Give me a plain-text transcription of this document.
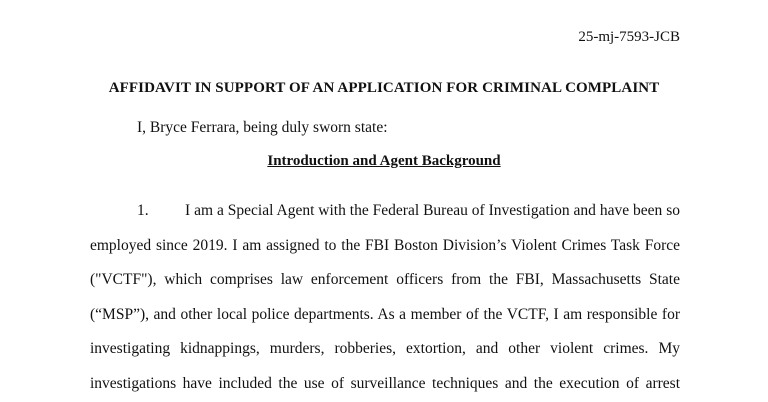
25-mj-7593-JCB
AFFIDAVIT IN SUPPORT OF AN APPLICATION FOR CRIMINAL COMPLAINT
I, Bryce Ferrara, being duly sworn state:
Introduction and Agent Background
1. I am a Special Agent with the Federal Bureau of Investigation and have been so
employed since 2019. I am assigned to the FBI Boston Division’s Violent Crimes Task Force
("VCTF"), which comprises law enforcement officers from the FBI, Massachusetts State
(“MSP”), and other local police departments. As a member of the VCTF, I am responsible for
investigating kidnappings, murders, robberies, extortion, and other violent crimes. My
investigations have included the use of surveillance techniques and the execution of arrest
